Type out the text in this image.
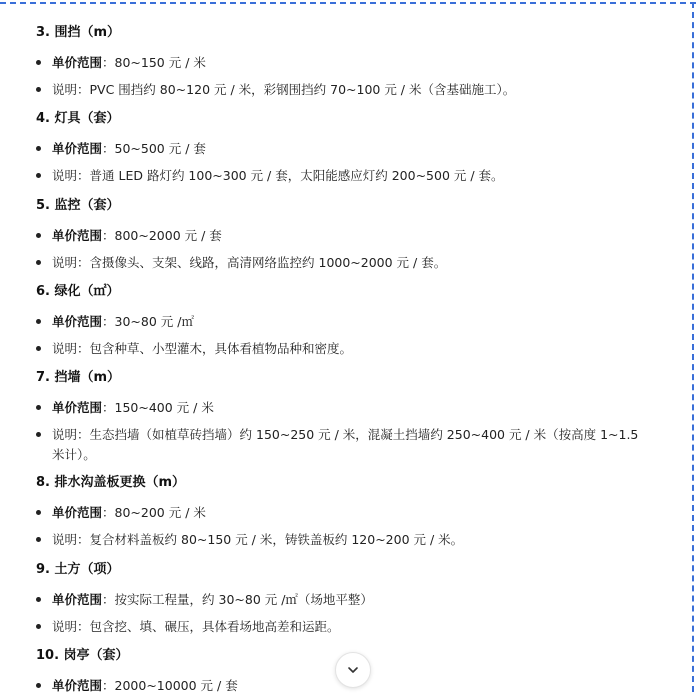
3. 围挡（m）
单价范围：80~150 元 / 米
说明：PVC 围挡约 80~120 元 / 米，彩钢围挡约 70~100 元 / 米（含基础施工）。
4. 灯具（套）
单价范围：50~500 元 / 套
说明：普通 LED 路灯约 100~300 元 / 套，太阳能感应灯约 200~500 元 / 套。
5. 监控（套）
单价范围：800~2000 元 / 套
说明：含摄像头、支架、线路，高清网络监控约 1000~2000 元 / 套。
6. 绿化（㎡）
单价范围：30~80 元 /㎡
说明：包含种草、小型灌木，具体看植物品种和密度。
7. 挡墙（m）
单价范围：150~400 元 / 米
说明：生态挡墙（如植草砖挡墙）约 150~250 元 / 米，混凝土挡墙约 250~400 元 / 米（按高度 1~1.5 米计）。
8. 排水沟盖板更换（m）
单价范围：80~200 元 / 米
说明：复合材料盖板约 80~150 元 / 米，铸铁盖板约 120~200 元 / 米。
9. 土方（项）
单价范围：按实际工程量，约 30~80 元 /㎡（场地平整）
说明：包含挖、填、碾压，具体看场地高差和运距。
10. 岗亭（套）
单价范围：2000~10000 元 / 套
